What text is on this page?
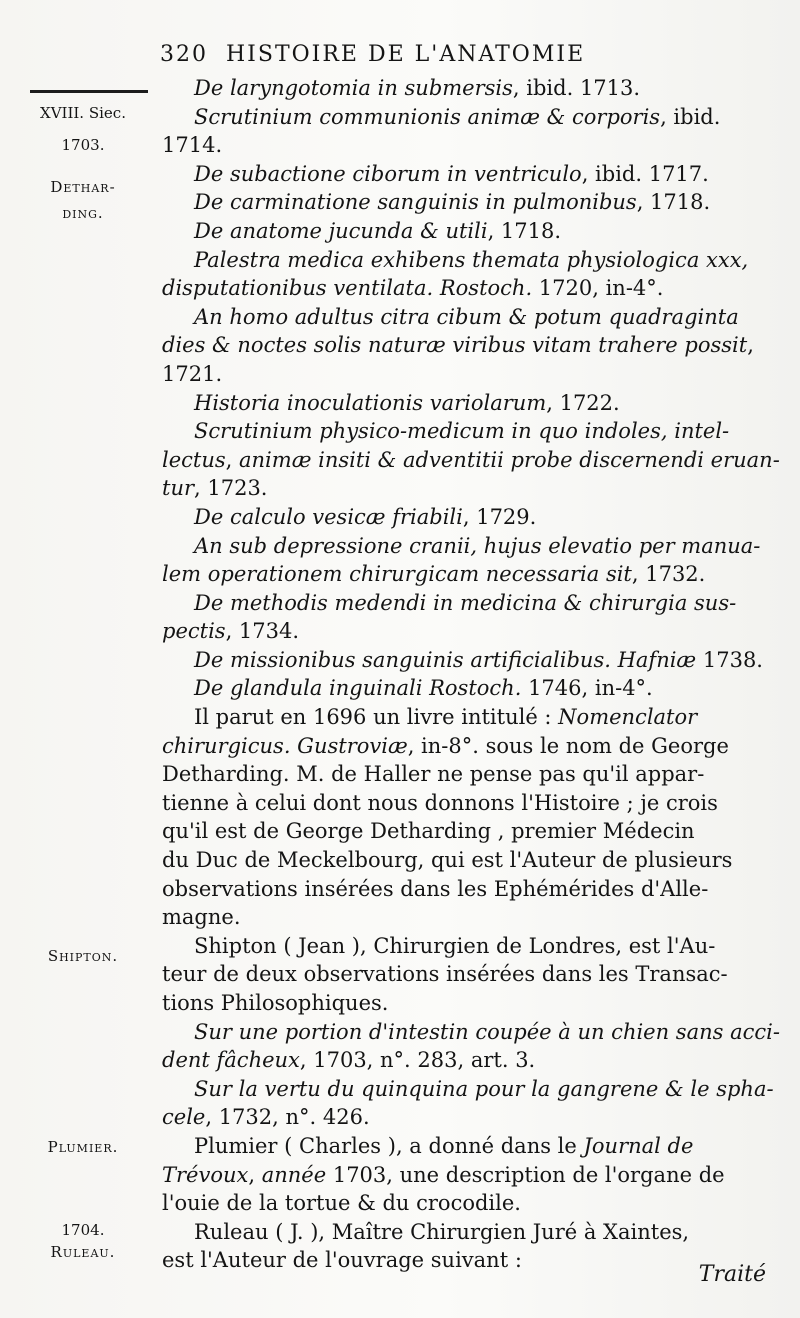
320 HISTOIRE DE L'ANATOMIE
XVIII. Siec.
1703.
Dethar-
ding.
Shipton.
Plumier.
1704.
Ruleau.
De laryngotomia in submersis, ibid. 1713.
Scrutinium communionis animæ & corporis, ibid.
1714.
De subactione ciborum in ventriculo, ibid. 1717.
De carminatione sanguinis in pulmonibus, 1718.
De anatome jucunda & utili, 1718.
Palestra medica exhibens themata physiologica xxx,
disputationibus ventilata. Rostoch. 1720, in-4°.
An homo adultus citra cibum & potum quadraginta
dies & noctes solis naturæ viribus vitam trahere possit,
1721.
Historia inoculationis variolarum, 1722.
Scrutinium physico-medicum in quo indoles, intel-
lectus, animæ insiti & adventitii probe discernendi eruan-
tur, 1723.
De calculo vesicæ friabili, 1729.
An sub depressione cranii, hujus elevatio per manua-
lem operationem chirurgicam necessaria sit, 1732.
De methodis medendi in medicina & chirurgia sus-
pectis, 1734.
De missionibus sanguinis artificialibus. Hafniæ 1738.
De glandula inguinali Rostoch. 1746, in-4°.
Il parut en 1696 un livre intitulé : Nomenclator
chirurgicus. Gustroviæ, in-8°. sous le nom de George
Detharding. M. de Haller ne pense pas qu'il appar-
tienne à celui dont nous donnons l'Histoire ; je crois
qu'il est de George Detharding , premier Médecin
du Duc de Meckelbourg, qui est l'Auteur de plusieurs
observations insérées dans les Ephémérides d'Alle-
magne.
Shipton ( Jean ), Chirurgien de Londres, est l'Au-
teur de deux observations insérées dans les Transac-
tions Philosophiques.
Sur une portion d'intestin coupée à un chien sans acci-
dent fâcheux, 1703, n°. 283, art. 3.
Sur la vertu du quinquina pour la gangrene & le spha-
cele, 1732, n°. 426.
Plumier ( Charles ), a donné dans le Journal de
Trévoux, année 1703, une description de l'organe de
l'ouie de la tortue & du crocodile.
Ruleau ( J. ), Maître Chirurgien Juré à Xaintes,
est l'Auteur de l'ouvrage suivant :
Traité
